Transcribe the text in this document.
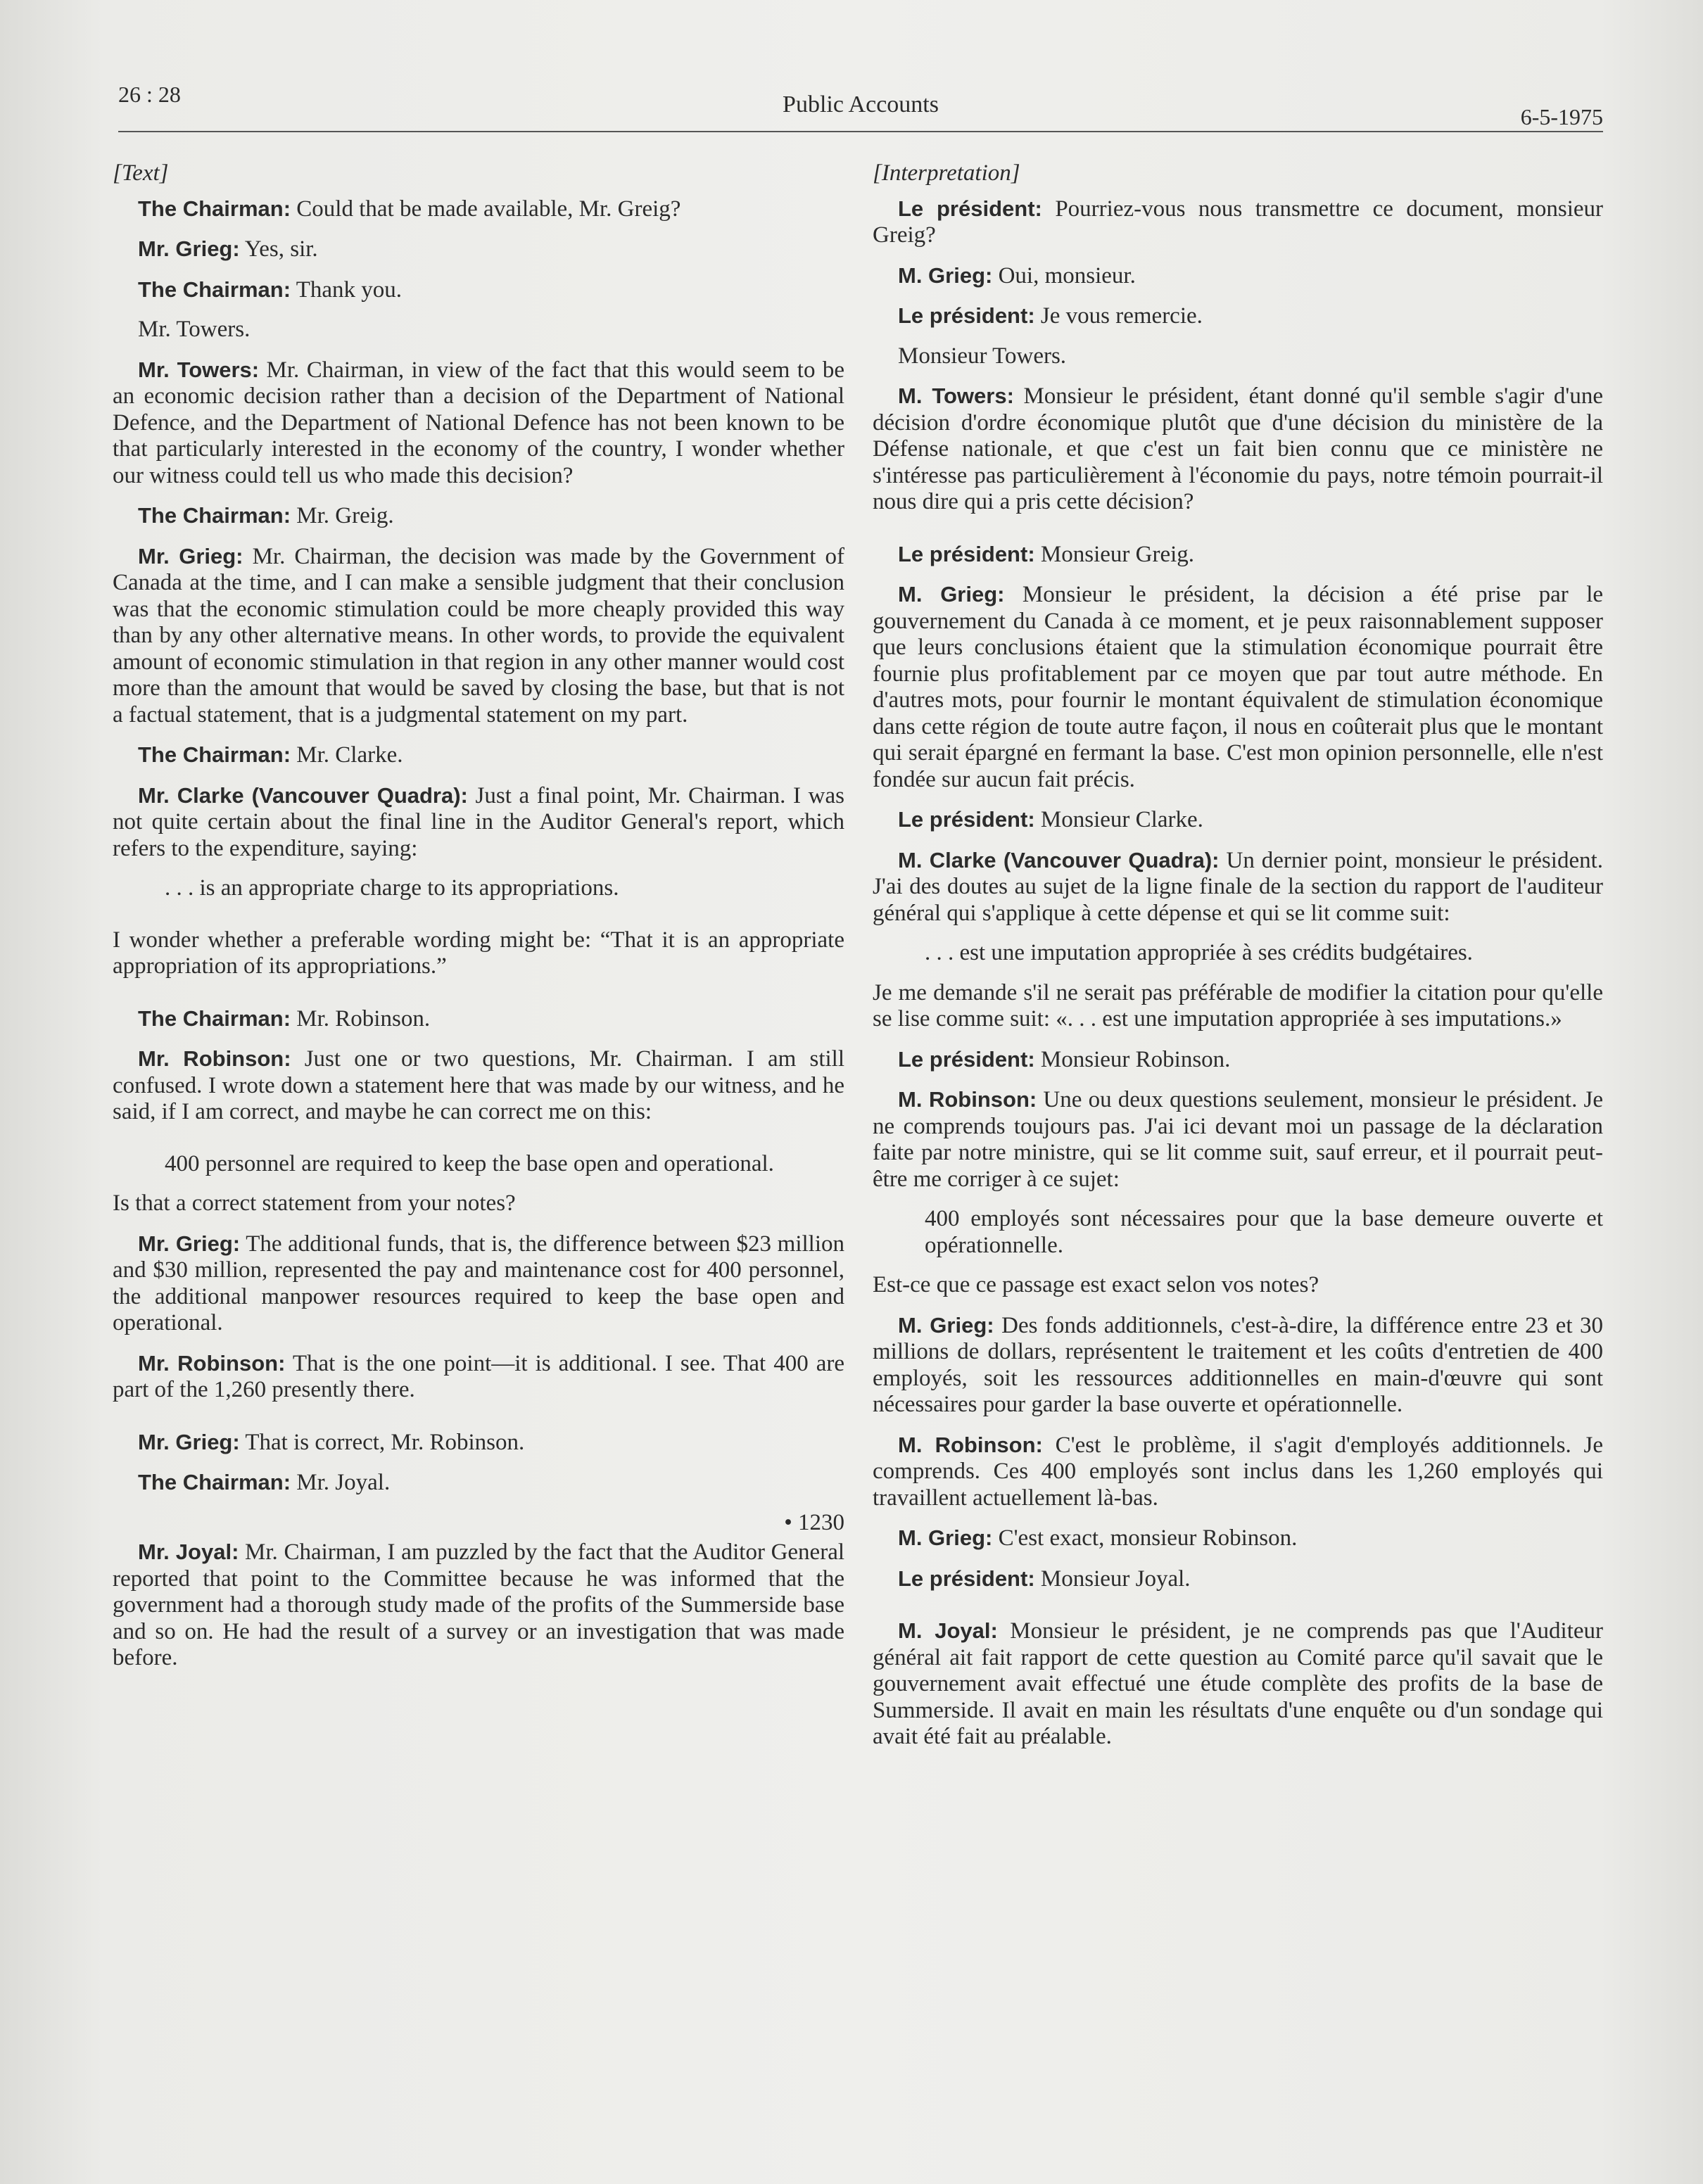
26 : 28	Public Accounts	6-5-1975

[Text]

The Chairman: Could that be made available, Mr. Greig?

Mr. Grieg: Yes, sir.

The Chairman: Thank you.

Mr. Towers.

Mr. Towers: Mr. Chairman, in view of the fact that this would seem to be an economic decision rather than a decision of the Department of National Defence, and the Department of National Defence has not been known to be that particularly interested in the economy of the country, I wonder whether our witness could tell us who made this decision?

The Chairman: Mr. Greig.

Mr. Grieg: Mr. Chairman, the decision was made by the Government of Canada at the time, and I can make a sensible judgment that their conclusion was that the economic stimulation could be more cheaply provided this way than by any other alternative means. In other words, to provide the equivalent amount of economic stimulation in that region in any other manner would cost more than the amount that would be saved by closing the base, but that is not a factual statement, that is a judgmental statement on my part.

The Chairman: Mr. Clarke.

Mr. Clarke (Vancouver Quadra): Just a final point, Mr. Chairman. I was not quite certain about the final line in the Auditor General's report, which refers to the expenditure, saying:

. . . is an appropriate charge to its appropriations.

I wonder whether a preferable wording might be: “That it is an appropriate appropriation of its appropriations.”

The Chairman: Mr. Robinson.

Mr. Robinson: Just one or two questions, Mr. Chairman. I am still confused. I wrote down a statement here that was made by our witness, and he said, if I am correct, and maybe he can correct me on this:

400 personnel are required to keep the base open and operational.

Is that a correct statement from your notes?

Mr. Grieg: The additional funds, that is, the difference between $23 million and $30 million, represented the pay and maintenance cost for 400 personnel, the additional manpower resources required to keep the base open and operational.

Mr. Robinson: That is the one point—it is additional. I see. That 400 are part of the 1,260 presently there.

Mr. Grieg: That is correct, Mr. Robinson.

The Chairman: Mr. Joyal.

• 1230

Mr. Joyal: Mr. Chairman, I am puzzled by the fact that the Auditor General reported that point to the Committee because he was informed that the government had a thorough study made of the profits of the Summerside base and so on. He had the result of a survey or an investigation that was made before.

[Interpretation]

Le président: Pourriez-vous nous transmettre ce document, monsieur Greig?

M. Grieg: Oui, monsieur.

Le président: Je vous remercie.

Monsieur Towers.

M. Towers: Monsieur le président, étant donné qu'il semble s'agir d'une décision d'ordre économique plutôt que d'une décision du ministère de la Défense nationale, et que c'est un fait bien connu que ce ministère ne s'intéresse pas particulièrement à l'économie du pays, notre témoin pourrait-il nous dire qui a pris cette décision?

Le président: Monsieur Greig.

M. Grieg: Monsieur le président, la décision a été prise par le gouvernement du Canada à ce moment, et je peux raisonnablement supposer que leurs conclusions étaient que la stimulation économique pourrait être fournie plus profitablement par ce moyen que par tout autre méthode. En d'autres mots, pour fournir le montant équivalent de stimulation économique dans cette région de toute autre façon, il nous en coûterait plus que le montant qui serait épargné en fermant la base. C'est mon opinion personnelle, elle n'est fondée sur aucun fait précis.

Le président: Monsieur Clarke.

M. Clarke (Vancouver Quadra): Un dernier point, monsieur le président. J'ai des doutes au sujet de la ligne finale de la section du rapport de l'auditeur général qui s'applique à cette dépense et qui se lit comme suit:

. . . est une imputation appropriée à ses crédits budgétaires.

Je me demande s'il ne serait pas préférable de modifier la citation pour qu'elle se lise comme suit: «. . . est une imputation appropriée à ses imputations.»

Le président: Monsieur Robinson.

M. Robinson: Une ou deux questions seulement, monsieur le président. Je ne comprends toujours pas. J'ai ici devant moi un passage de la déclaration faite par notre ministre, qui se lit comme suit, sauf erreur, et il pourrait peut-être me corriger à ce sujet:

400 employés sont nécessaires pour que la base demeure ouverte et opérationnelle.

Est-ce que ce passage est exact selon vos notes?

M. Grieg: Des fonds additionnels, c'est-à-dire, la différence entre 23 et 30 millions de dollars, représentent le traitement et les coûts d'entretien de 400 employés, soit les ressources additionnelles en main-d'œuvre qui sont nécessaires pour garder la base ouverte et opérationnelle.

M. Robinson: C'est le problème, il s'agit d'employés additionnels. Je comprends. Ces 400 employés sont inclus dans les 1,260 employés qui travaillent actuellement là-bas.

M. Grieg: C'est exact, monsieur Robinson.

Le président: Monsieur Joyal.

M. Joyal: Monsieur le président, je ne comprends pas que l'Auditeur général ait fait rapport de cette question au Comité parce qu'il savait que le gouvernement avait effectué une étude complète des profits de la base de Summerside. Il avait en main les résultats d'une enquête ou d'un sondage qui avait été fait au préalable.
